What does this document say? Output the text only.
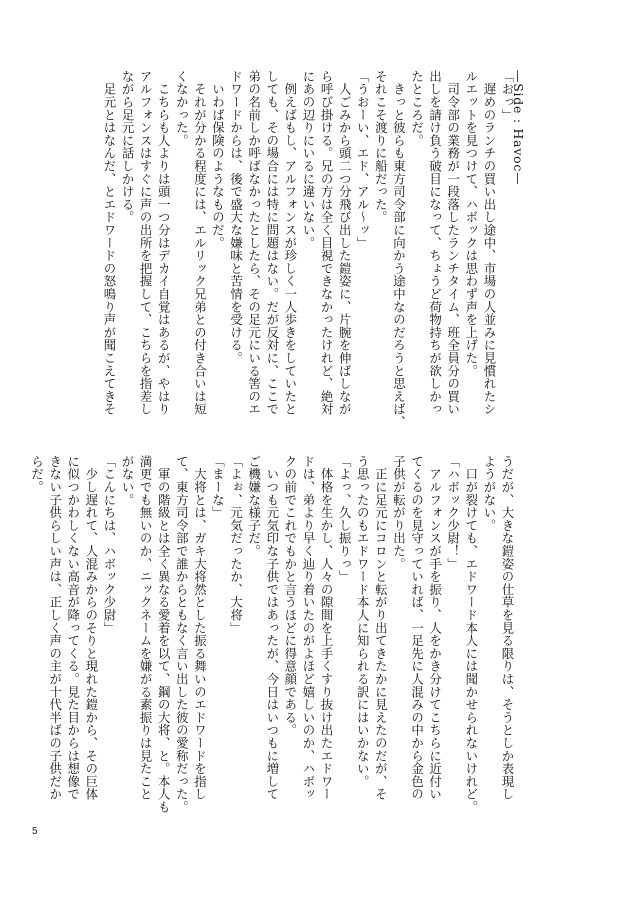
—Side : Havoc—

「おっ」

　遅めのランチの買い出し途中、市場の人並みに見慣れたシ

ルエットを見つけて、ハボックは思わず声を上げた。

　司令部の業務が一段落したランチタイム、班全員分の買い

出しを請け負う破目になって、ちょうど荷物持ちが欲しかっ

たところだ。

　きっと彼らも東方司令部に向かう途中なのだろうと思えば、

それこそ渡りに船だった。

「うおーい、エド、アル〜ッ」

　人ごみから頭二つ分飛び出した鎧姿に、片腕を伸ばしなが

ら呼び掛ける。兄の方は全く目視できなかったけれど、絶対

にあの辺りにいるに違いない。

　例えばもし、アルフォンスが珍しく一人歩きをしていたと

しても、その場合には特に問題はない。だが反対に、ここで

弟の名前しか呼ばなかったとしたら、その足元にいる筈のエ

ドワードからは、後で盛大な嫌味と苦情を受ける。

　いわば保険のようなものだ。

　それが分かる程度には、エルリック兄弟との付き合いは短

くなかった。

　こちらも人よりは頭一つ分はデカイ自覚はあるが、やはり

アルフォンスはすぐに声の出所を把握して、こちらを指差し

ながら足元に話しかける。

　足元とはなんだ、とエドワードの怒鳴り声が聞こえてきそ

うだが、大きな鎧姿の仕草を見る限りは、そうとしか表現し

ようがない。

　口が裂けても、エドワード本人には聞かせられないけれど。

「ハボック少尉！」

　アルフォンスが手を振り、人をかき分けてこちらに近付い

てくるのを見守っていれば、一足先に人混みの中から金色の

子供が転がり出た。

　正に足元にコロンと転がり出てきたかに見えたのだが、そ

う思ったのもエドワード本人に知られる訳にはいかない。

「よっ、久し振りっ」

　体格を生かし、人々の隙間を上手くすり抜け出たエドワー

ドは、弟より早く辿り着いたのがよほど嬉しいのか、ハボッ

クの前でこれでもかと言うほどに得意顔である。

　いつも元気印な子供ではあったが、今日はいつもに増して

ご機嫌な様子だ。

「よぉ、元気だったか、大将」

「まーな」

　大将とは、ガキ大将然とした振る舞いのエドワードを指し

て、東方司令部で誰からともなく言い出した彼の愛称だった。

　軍の階級とは全く異なる愛着を以て、鋼の大将、と。本人も

満更でも無いのか、ニックネームを嫌がる素振りは見たこと

がない。

「こんにちは、ハボック少尉」

　少し遅れて、人混みからのそりと現れた鎧から、その巨体

に似つかわしくない高音が降ってくる。見た目からは想像で

きない子供らしい声は、正しく声の主が十代半ばの子供だか

らだ。

5
